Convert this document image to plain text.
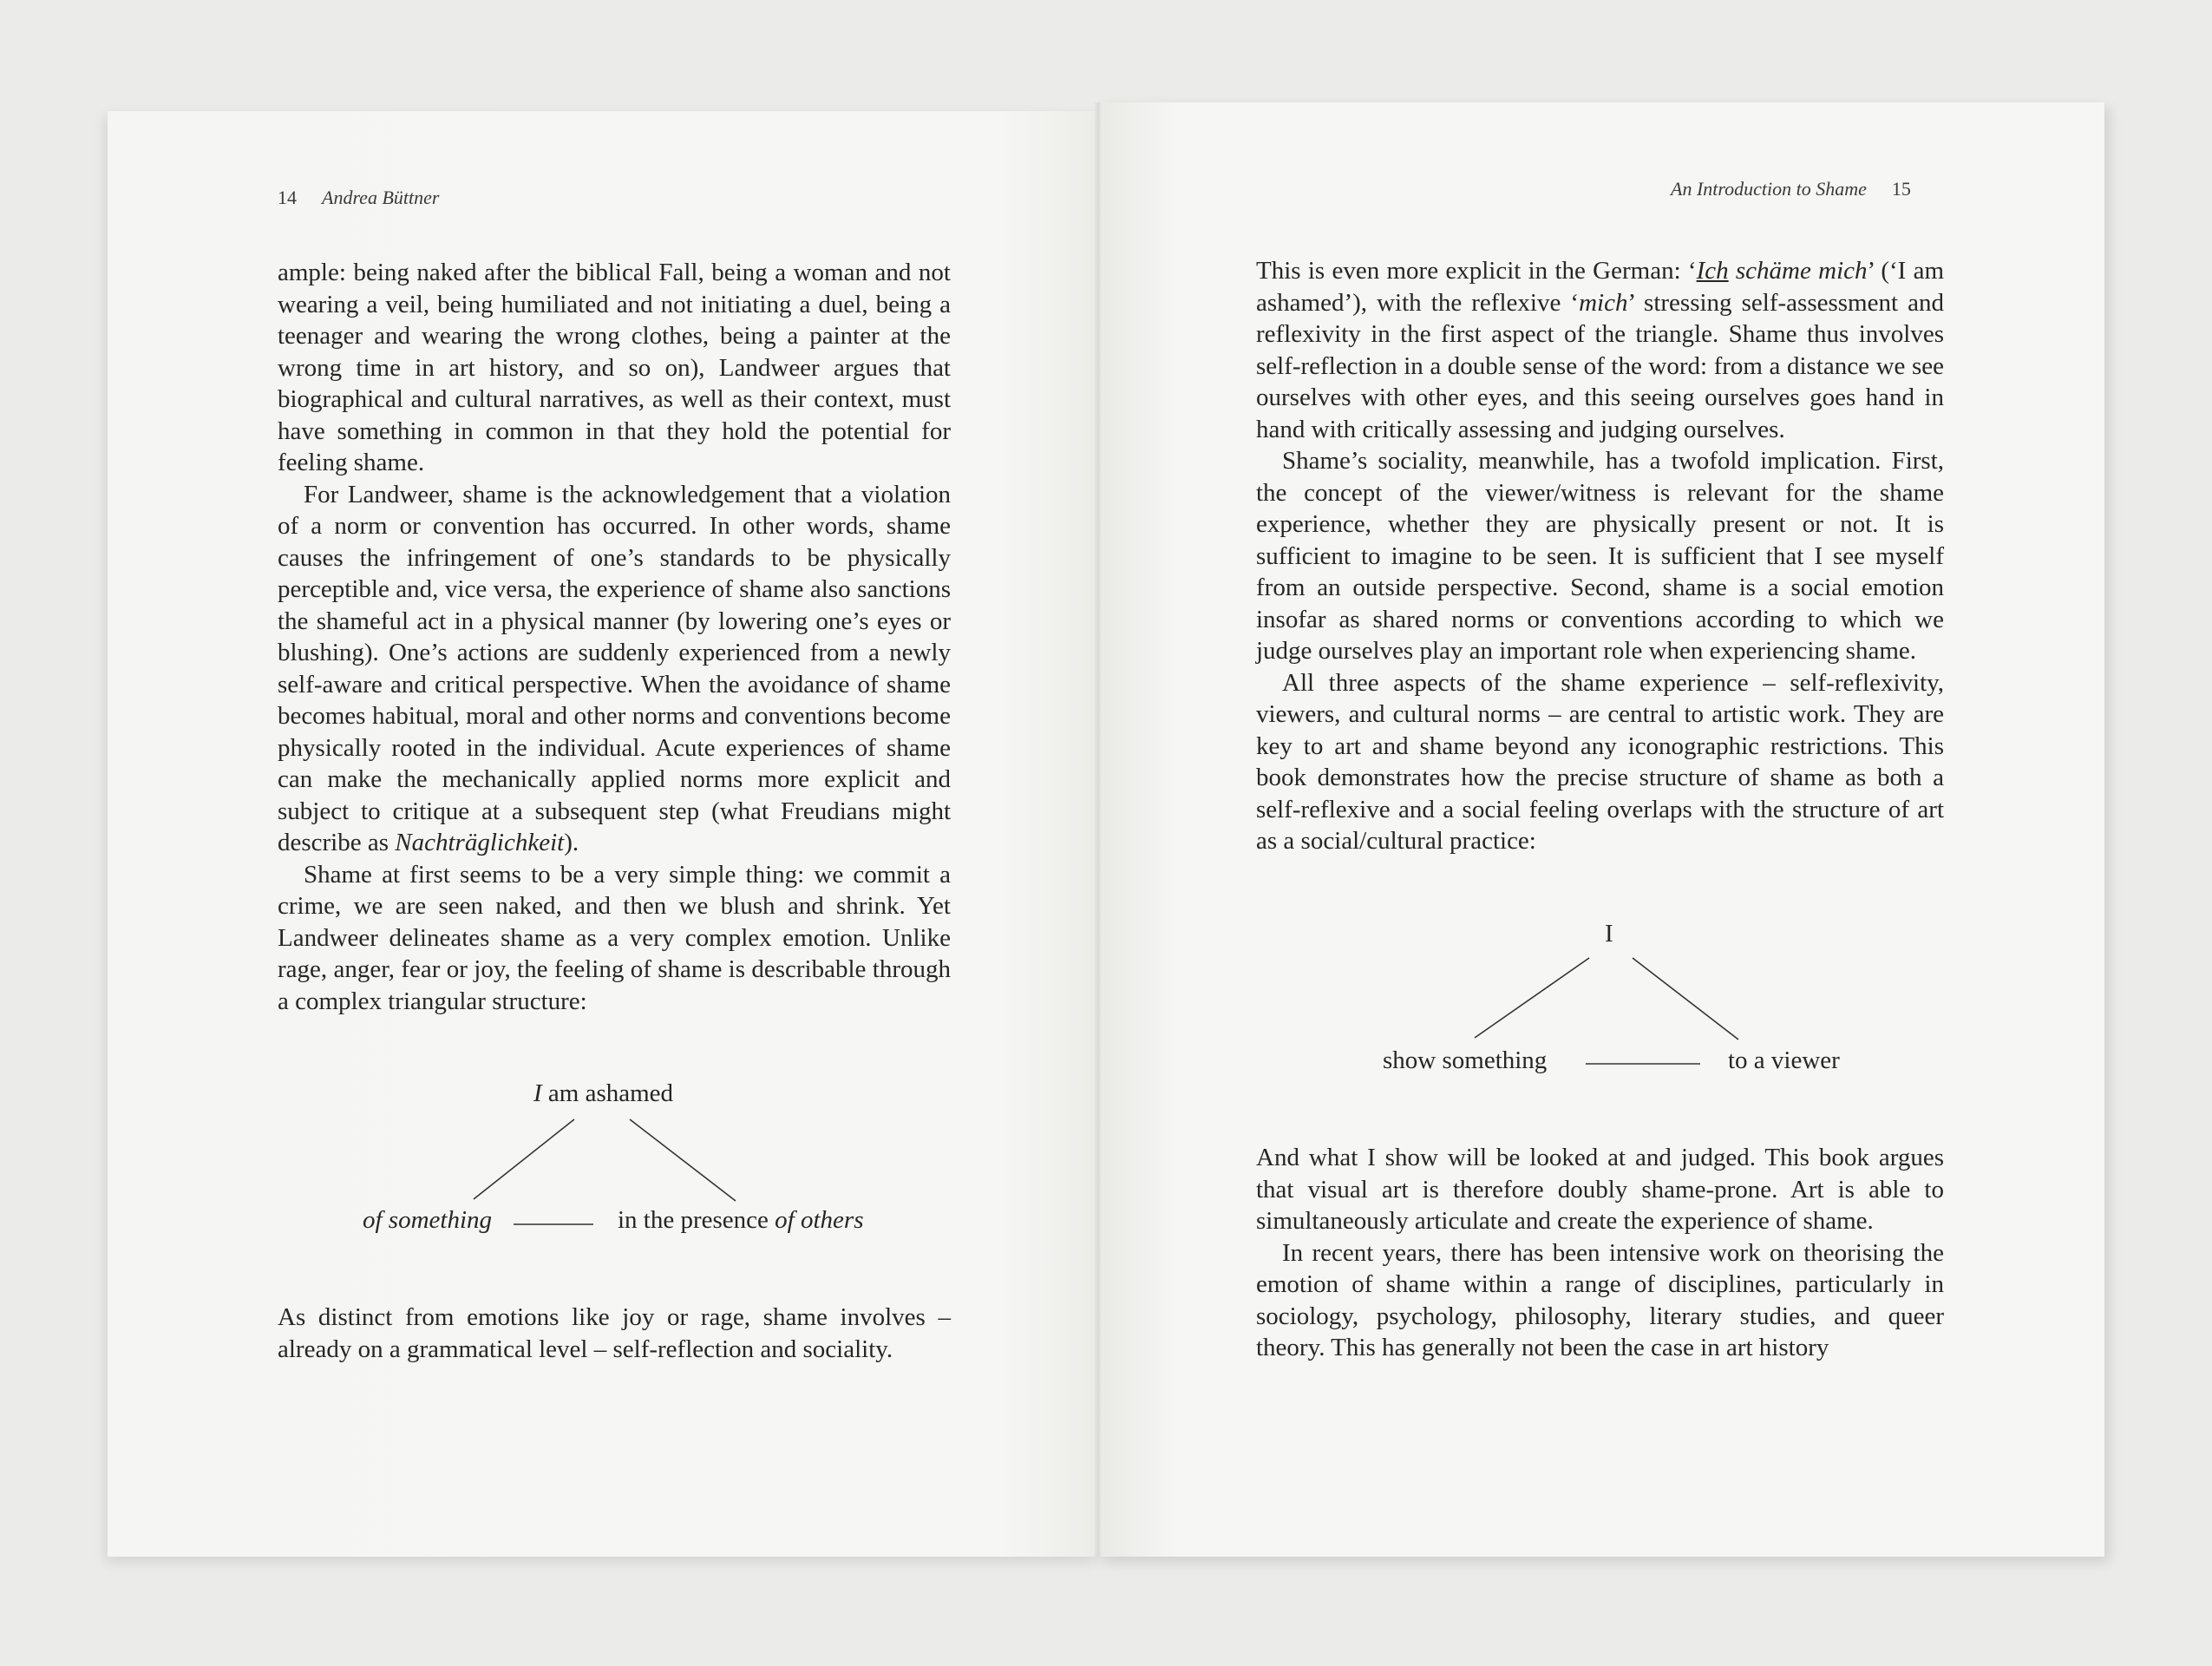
14 Andrea Büttner

ample: being naked after the biblical Fall, being a woman and not wearing a veil, being humiliated and not initiating a duel, being a teenager and wearing the wrong clothes, being a painter at the wrong time in art history, and so on), Landweer argues that biographical and cultural narratives, as well as their context, must have something in common in that they hold the potential for feeling shame.

For Landweer, shame is the acknowledgement that a violation of a norm or convention has occurred. In other words, shame causes the infringement of one’s standards to be physically perceptible and, vice versa, the experience of shame also sanctions the shameful act in a physical manner (by lowering one’s eyes or blushing). One’s actions are suddenly experienced from a newly self-aware and critical perspective. When the avoidance of shame becomes habitual, moral and other norms and conventions become physically rooted in the individual. Acute experiences of shame can make the mechanically applied norms more explicit and subject to critique at a subsequent step (what Freudians might describe as Nachträglichkeit).

Shame at first seems to be a very simple thing: we commit a crime, we are seen naked, and then we blush and shrink. Yet Landweer delineates shame as a very complex emotion. Unlike rage, anger, fear or joy, the feeling of shame is describable through a complex triangular structure:

I am ashamed
of something	in the presence of others

As distinct from emotions like joy or rage, shame involves – already on a grammatical level – self-reflection and sociality.

An Introduction to Shame 15

This is even more explicit in the German: ‘Ich schäme mich’ (‘I am ashamed’), with the reflexive ‘mich’ stressing self-assessment and reflexivity in the first aspect of the triangle. Shame thus involves self-reflection in a double sense of the word: from a distance we see ourselves with other eyes, and this seeing ourselves goes hand in hand with critically assessing and judging ourselves.

Shame’s sociality, meanwhile, has a twofold implication. First, the concept of the viewer/witness is relevant for the shame experience, whether they are physically present or not. It is sufficient to imagine to be seen. It is sufficient that I see myself from an outside perspective. Second, shame is a social emotion insofar as shared norms or conventions according to which we judge ourselves play an important role when experiencing shame.

All three aspects of the shame experience – self-reflexivity, viewers, and cultural norms – are central to artistic work. They are key to art and shame beyond any iconographic restrictions. This book demonstrates how the precise structure of shame as both a self-reflexive and a social feeling overlaps with the structure of art as a social/cultural practice:

I
show something	to a viewer

And what I show will be looked at and judged. This book argues that visual art is therefore doubly shame-prone. Art is able to simultaneously articulate and create the experience of shame.

In recent years, there has been intensive work on theorising the emotion of shame within a range of disciplines, particularly in sociology, psychology, philosophy, literary studies, and queer theory. This has generally not been the case in art history
